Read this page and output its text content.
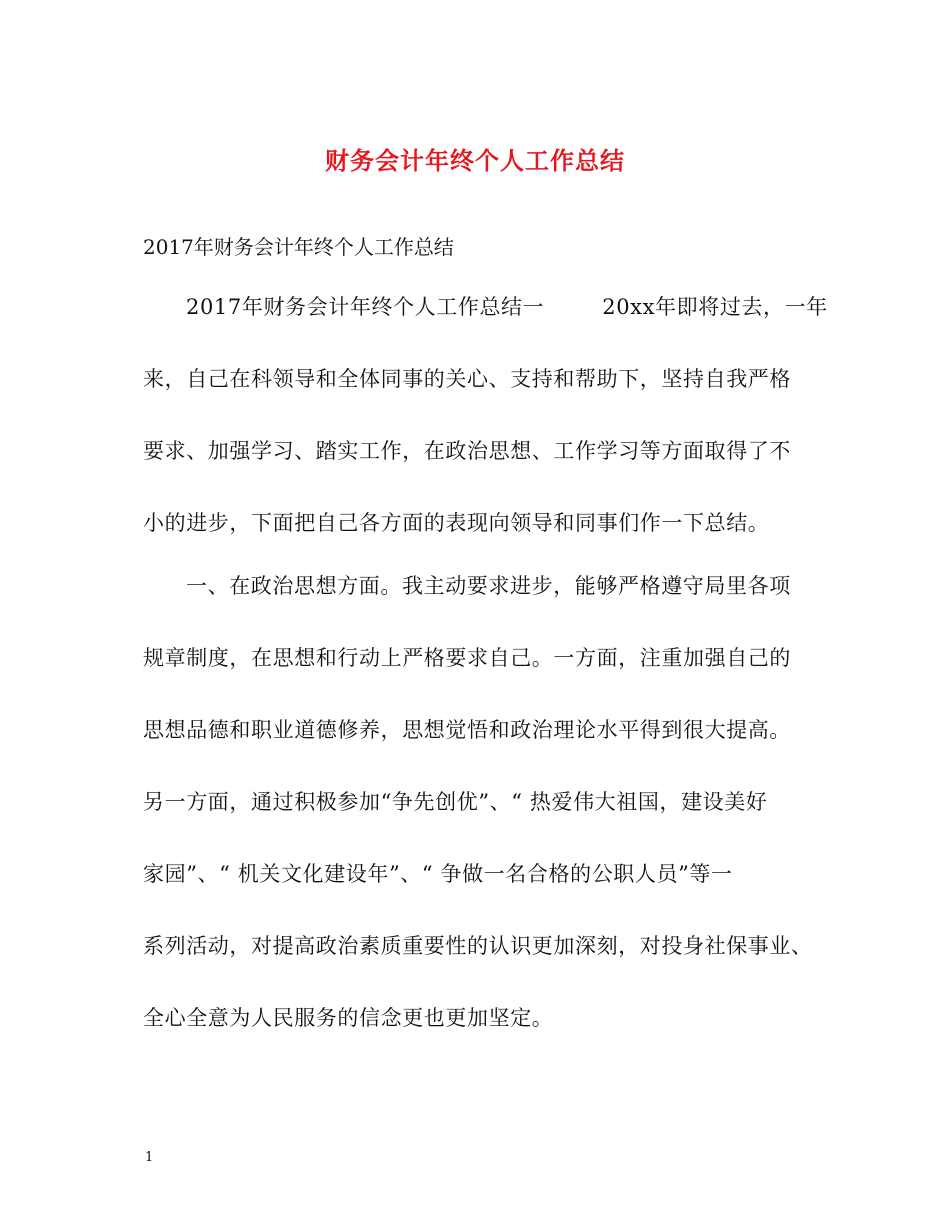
财务会计年终个人工作总结

2017年财务会计年终个人工作总结

2017年财务会计年终个人工作总结一	20xx年即将过去，一年

来，自己在科领导和全体同事的关心、支持和帮助下，坚持自我严格

要求、加强学习、踏实工作，在政治思想、工作学习等方面取得了不

小的进步，下面把自己各方面的表现向领导和同事们作一下总结。

一、在政治思想方面。我主动要求进步，能够严格遵守局里各项

规章制度，在思想和行动上严格要求自己。一方面，注重加强自己的

思想品德和职业道德修养，思想觉悟和政治理论水平得到很大提高。

另一方面，通过积极参加“争先创优”、“ 热爱伟大祖国，建设美好

家园”、“ 机关文化建设年”、“ 争做一名合格的公职人员”等一

系列活动，对提高政治素质重要性的认识更加深刻，对投身社保事业、

全心全意为人民服务的信念更也更加坚定。

1
